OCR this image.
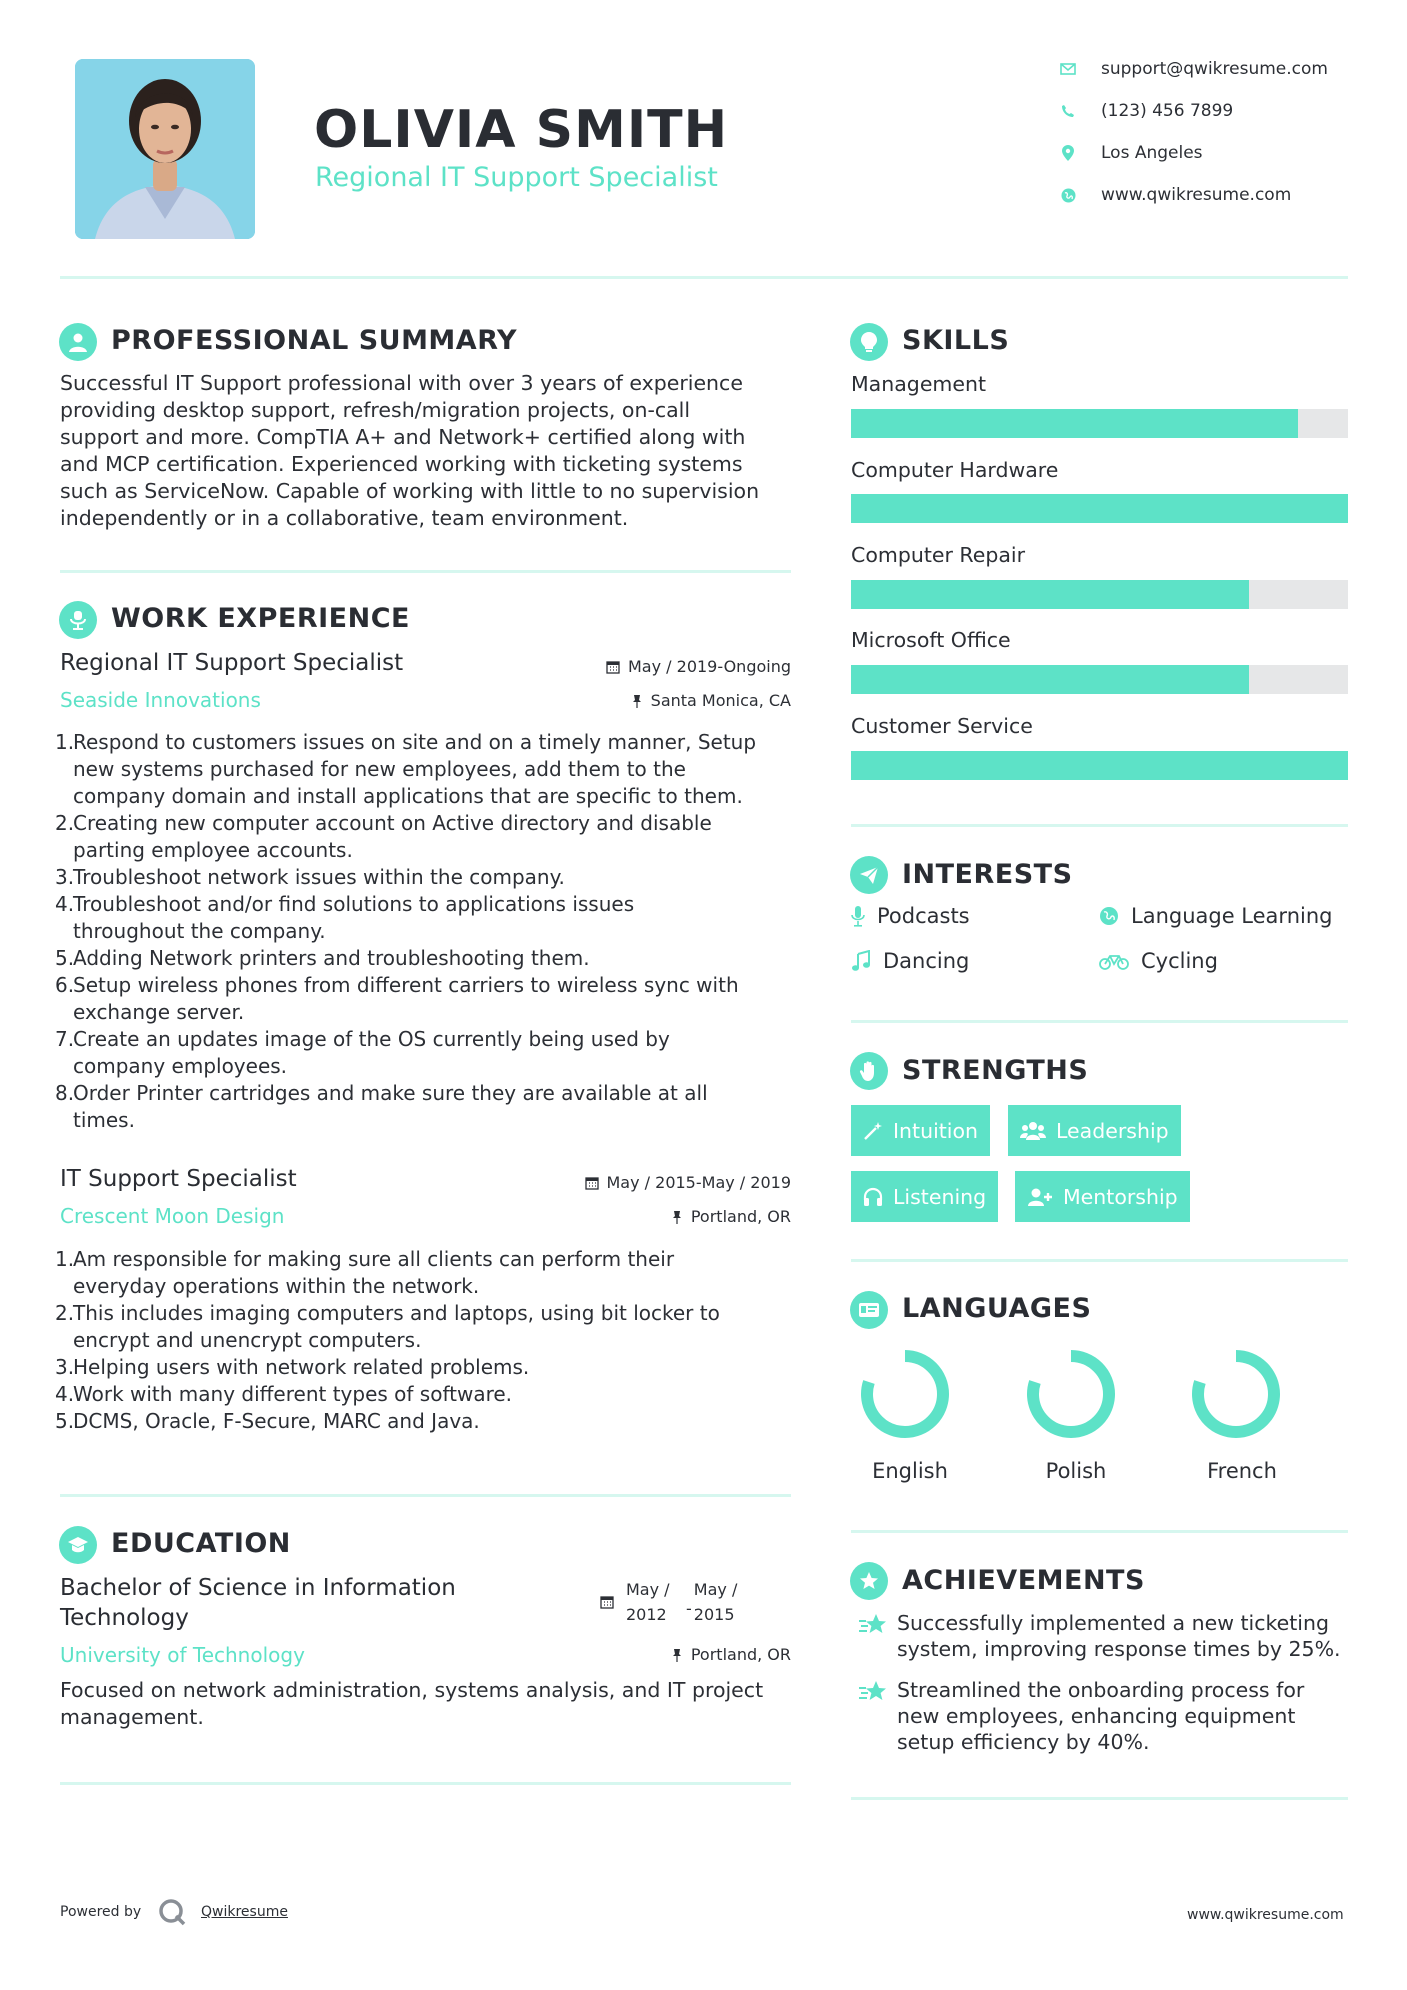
OLIVIA SMITH
Regional IT Support Specialist
support@qwikresume.com
(123) 456 7899
Los Angeles
www.qwikresume.com
PROFESSIONAL SUMMARY
Successful IT Support professional with over 3 years of experience
providing desktop support, refresh/migration projects, on-call
support and more. CompTIA A+ and Network+ certified along with
and MCP certification. Experienced working with ticketing systems
such as ServiceNow. Capable of working with little to no supervision
independently or in a collaborative, team environment.
WORK EXPERIENCE
Regional IT Support Specialist
Seaside Innovations
May / 2019-Ongoing
Santa Monica, CA
1.
Respond to customers issues on site and on a timely manner, Setup
new systems purchased for new employees, add them to the
company domain and install applications that are specific to them.
2.
Creating new computer account on Active directory and disable
parting employee accounts.
3.
Troubleshoot network issues within the company.
4.
Troubleshoot and/or find solutions to applications issues
throughout the company.
5.
Adding Network printers and troubleshooting them.
6.
Setup wireless phones from different carriers to wireless sync with
exchange server.
7.
Create an updates image of the OS currently being used by
company employees.
8.
Order Printer cartridges and make sure they are available at all
times.
IT Support Specialist
Crescent Moon Design
May / 2015-May / 2019
Portland, OR
1.
Am responsible for making sure all clients can perform their
everyday operations within the network.
2.
This includes imaging computers and laptops, using bit locker to
encrypt and unencrypt computers.
3.
Helping users with network related problems.
4.
Work with many different types of software.
5.
DCMS, Oracle, F-Secure, MARC and Java.
EDUCATION
Bachelor of Science in Information
Technology
May /
2012	-
May /
2015
University of Technology	Portland, OR
Focused on network administration, systems analysis, and IT project
management.
SKILLS
Management
Computer Hardware
Computer Repair
Microsoft Office
Customer Service
INTERESTS
Podcasts	Language Learning
Dancing	Cycling
STRENGTHS
Intuition	Leadership
Listening	Mentorship
LANGUAGES
English	Polish	French
ACHIEVEMENTS
Successfully implemented a new ticketing
system, improving response times by 25%.
Streamlined the onboarding process for
new employees, enhancing equipment
setup efficiency by 40%.
Powered by	Qwikresume	www.qwikresume.com
